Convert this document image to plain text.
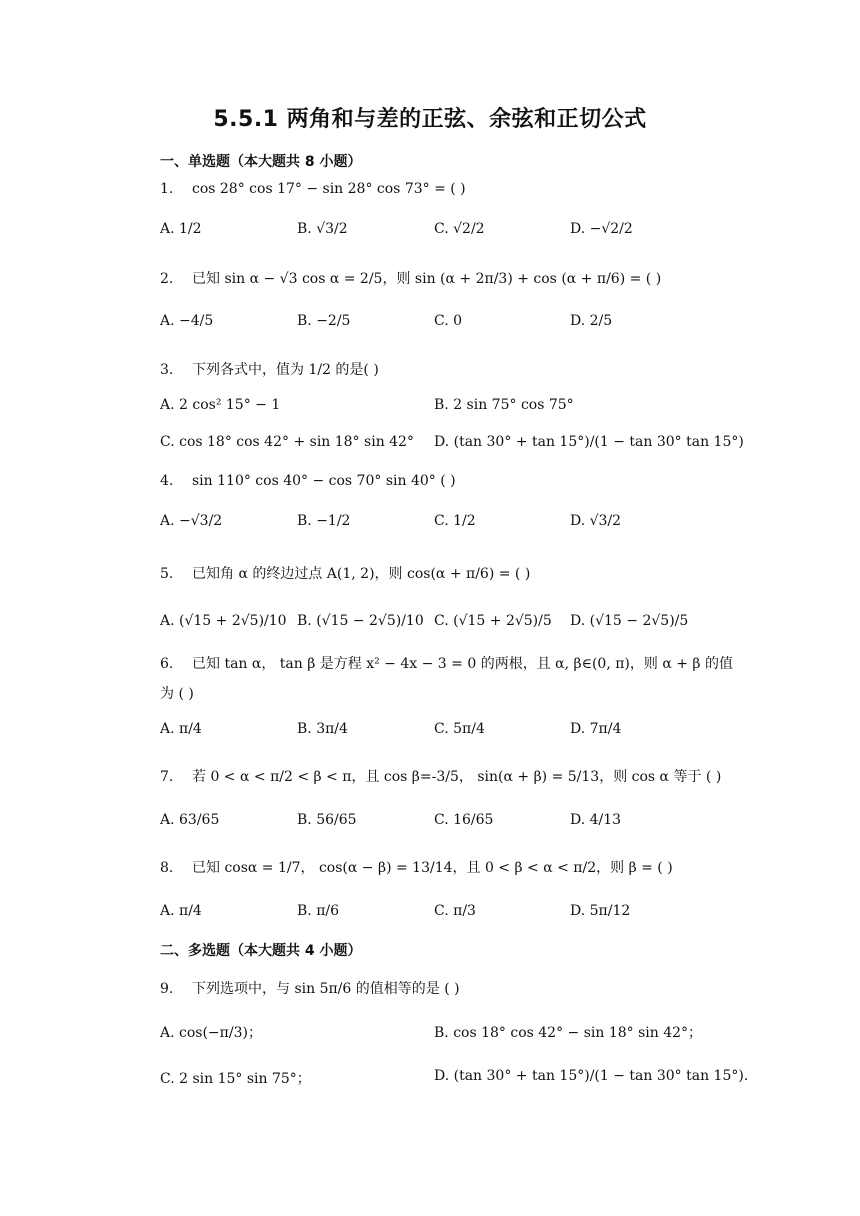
5.5.1 两角和与差的正弦、余弦和正切公式
一、单选题（本大题共 8 小题）
1. cos 28° cos 17° − sin 28° cos 73° = ( )
A. 1/2	B. √3/2	C. √2/2	D. −√2/2
2. 已知 sin α − √3 cos α = 2/5，则 sin (α + 2π/3) + cos (α + π/6) = ( )
A. −4/5	B. −2/5	C. 0	D. 2/5
3. 下列各式中，值为 1/2 的是( )
A. 2 cos² 15° − 1	B. 2 sin 75° cos 75°
C. cos 18° cos 42° + sin 18° sin 42° D. (tan 30° + tan 15°)/(1 − tan 30° tan 15°)
4. sin 110° cos 40° − cos 70° sin 40° ( )
A. −√3/2	B. −1/2	C. 1/2	D. √3/2
5. 已知角 α 的终边过点 A(1, 2)，则 cos(α + π/6) = ( )
A. (√15 + 2√5)/10 B. (√15 − 2√5)/10 C. (√15 + 2√5)/5 D. (√15 − 2√5)/5
6. 已知 tan α， tan β 是方程 x² − 4x − 3 = 0 的两根，且 α, β∈(0, π)，则 α + β 的值
为 ( )
A. π/4	B. 3π/4	C. 5π/4	D. 7π/4
7. 若 0 < α < π/2 < β < π，且 cos β=-3/5， sin(α + β) = 5/13，则 cos α 等于 ( )
A. 63/65	B. 56/65	C. 16/65	D. 4/13
8. 已知 cosα = 1/7， cos(α − β) = 13/14，且 0 < β < α < π/2，则 β = ( )
A. π/4	B. π/6	C. π/3	D. 5π/12
二、多选题（本大题共 4 小题）
9. 下列选项中，与 sin 5π/6 的值相等的是 ( )
A. cos(−π/3)；	B. cos 18° cos 42° − sin 18° sin 42°；
C. 2 sin 15° sin 75°；	D. (tan 30° + tan 15°)/(1 − tan 30° tan 15°).
